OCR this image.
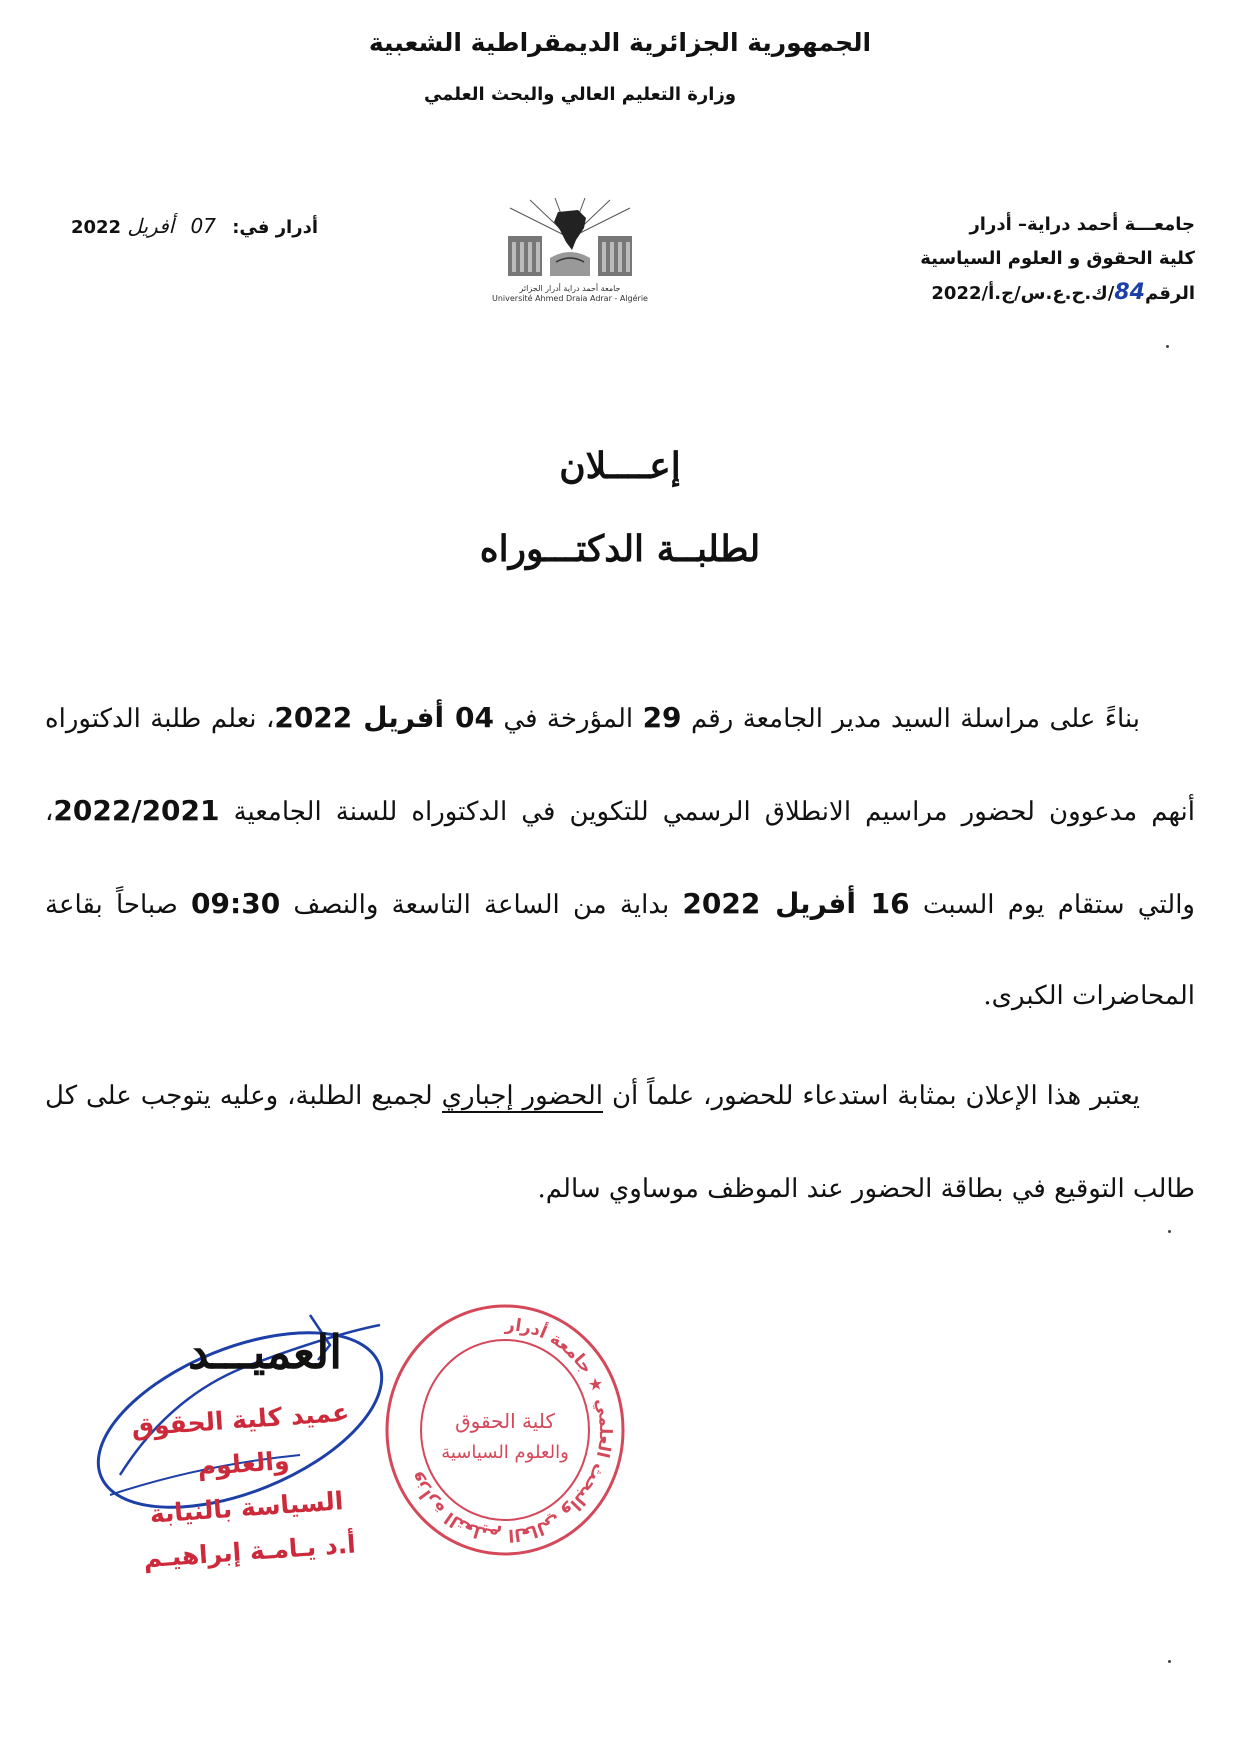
الجمهورية الجزائرية الديمقراطية الشعبية
وزارة التعليم العالي والبحث العلمي
جامعـــة أحمد دراية– أدرار
كلية الحقوق و العلوم السياسية
الرقم84/ك.ح.ع.س/ج.أ/2022
أدرار في: 07 أفريل 2022
جامعة أحمد دراية أدرار الجزائر
Université Ahmed Draia Adrar - Algérie
إعــــلان
لطلبــة الدكتـــوراه
بناءً على مراسلة السيد مدير الجامعة رقم 29 المؤرخة في 04 أفريل 2022، نعلم طلبة الدكتوراه أنهم مدعوون لحضور مراسيم الانطلاق الرسمي للتكوين في الدكتوراه للسنة الجامعية 2022/2021، والتي ستقام يوم السبت 16 أفريل 2022 بداية من الساعة التاسعة والنصف 09:30 صباحاً بقاعة المحاضرات الكبرى.
يعتبر هذا الإعلان بمثابة استدعاء للحضور، علماً أن الحضور إجباري لجميع الطلبة، وعليه يتوجب على كل طالب التوقيع في بطاقة الحضور عند الموظف موساوي سالم.
العميـــد
عميد كلية الحقوق والعلوم
السياسة بالنيابة
أ.د يـامـة إبراهيـم
وزارة التعليم العالي والبحث العلمي ★ جامعة أدرار
كلية الحقوق
والعلوم السياسية
